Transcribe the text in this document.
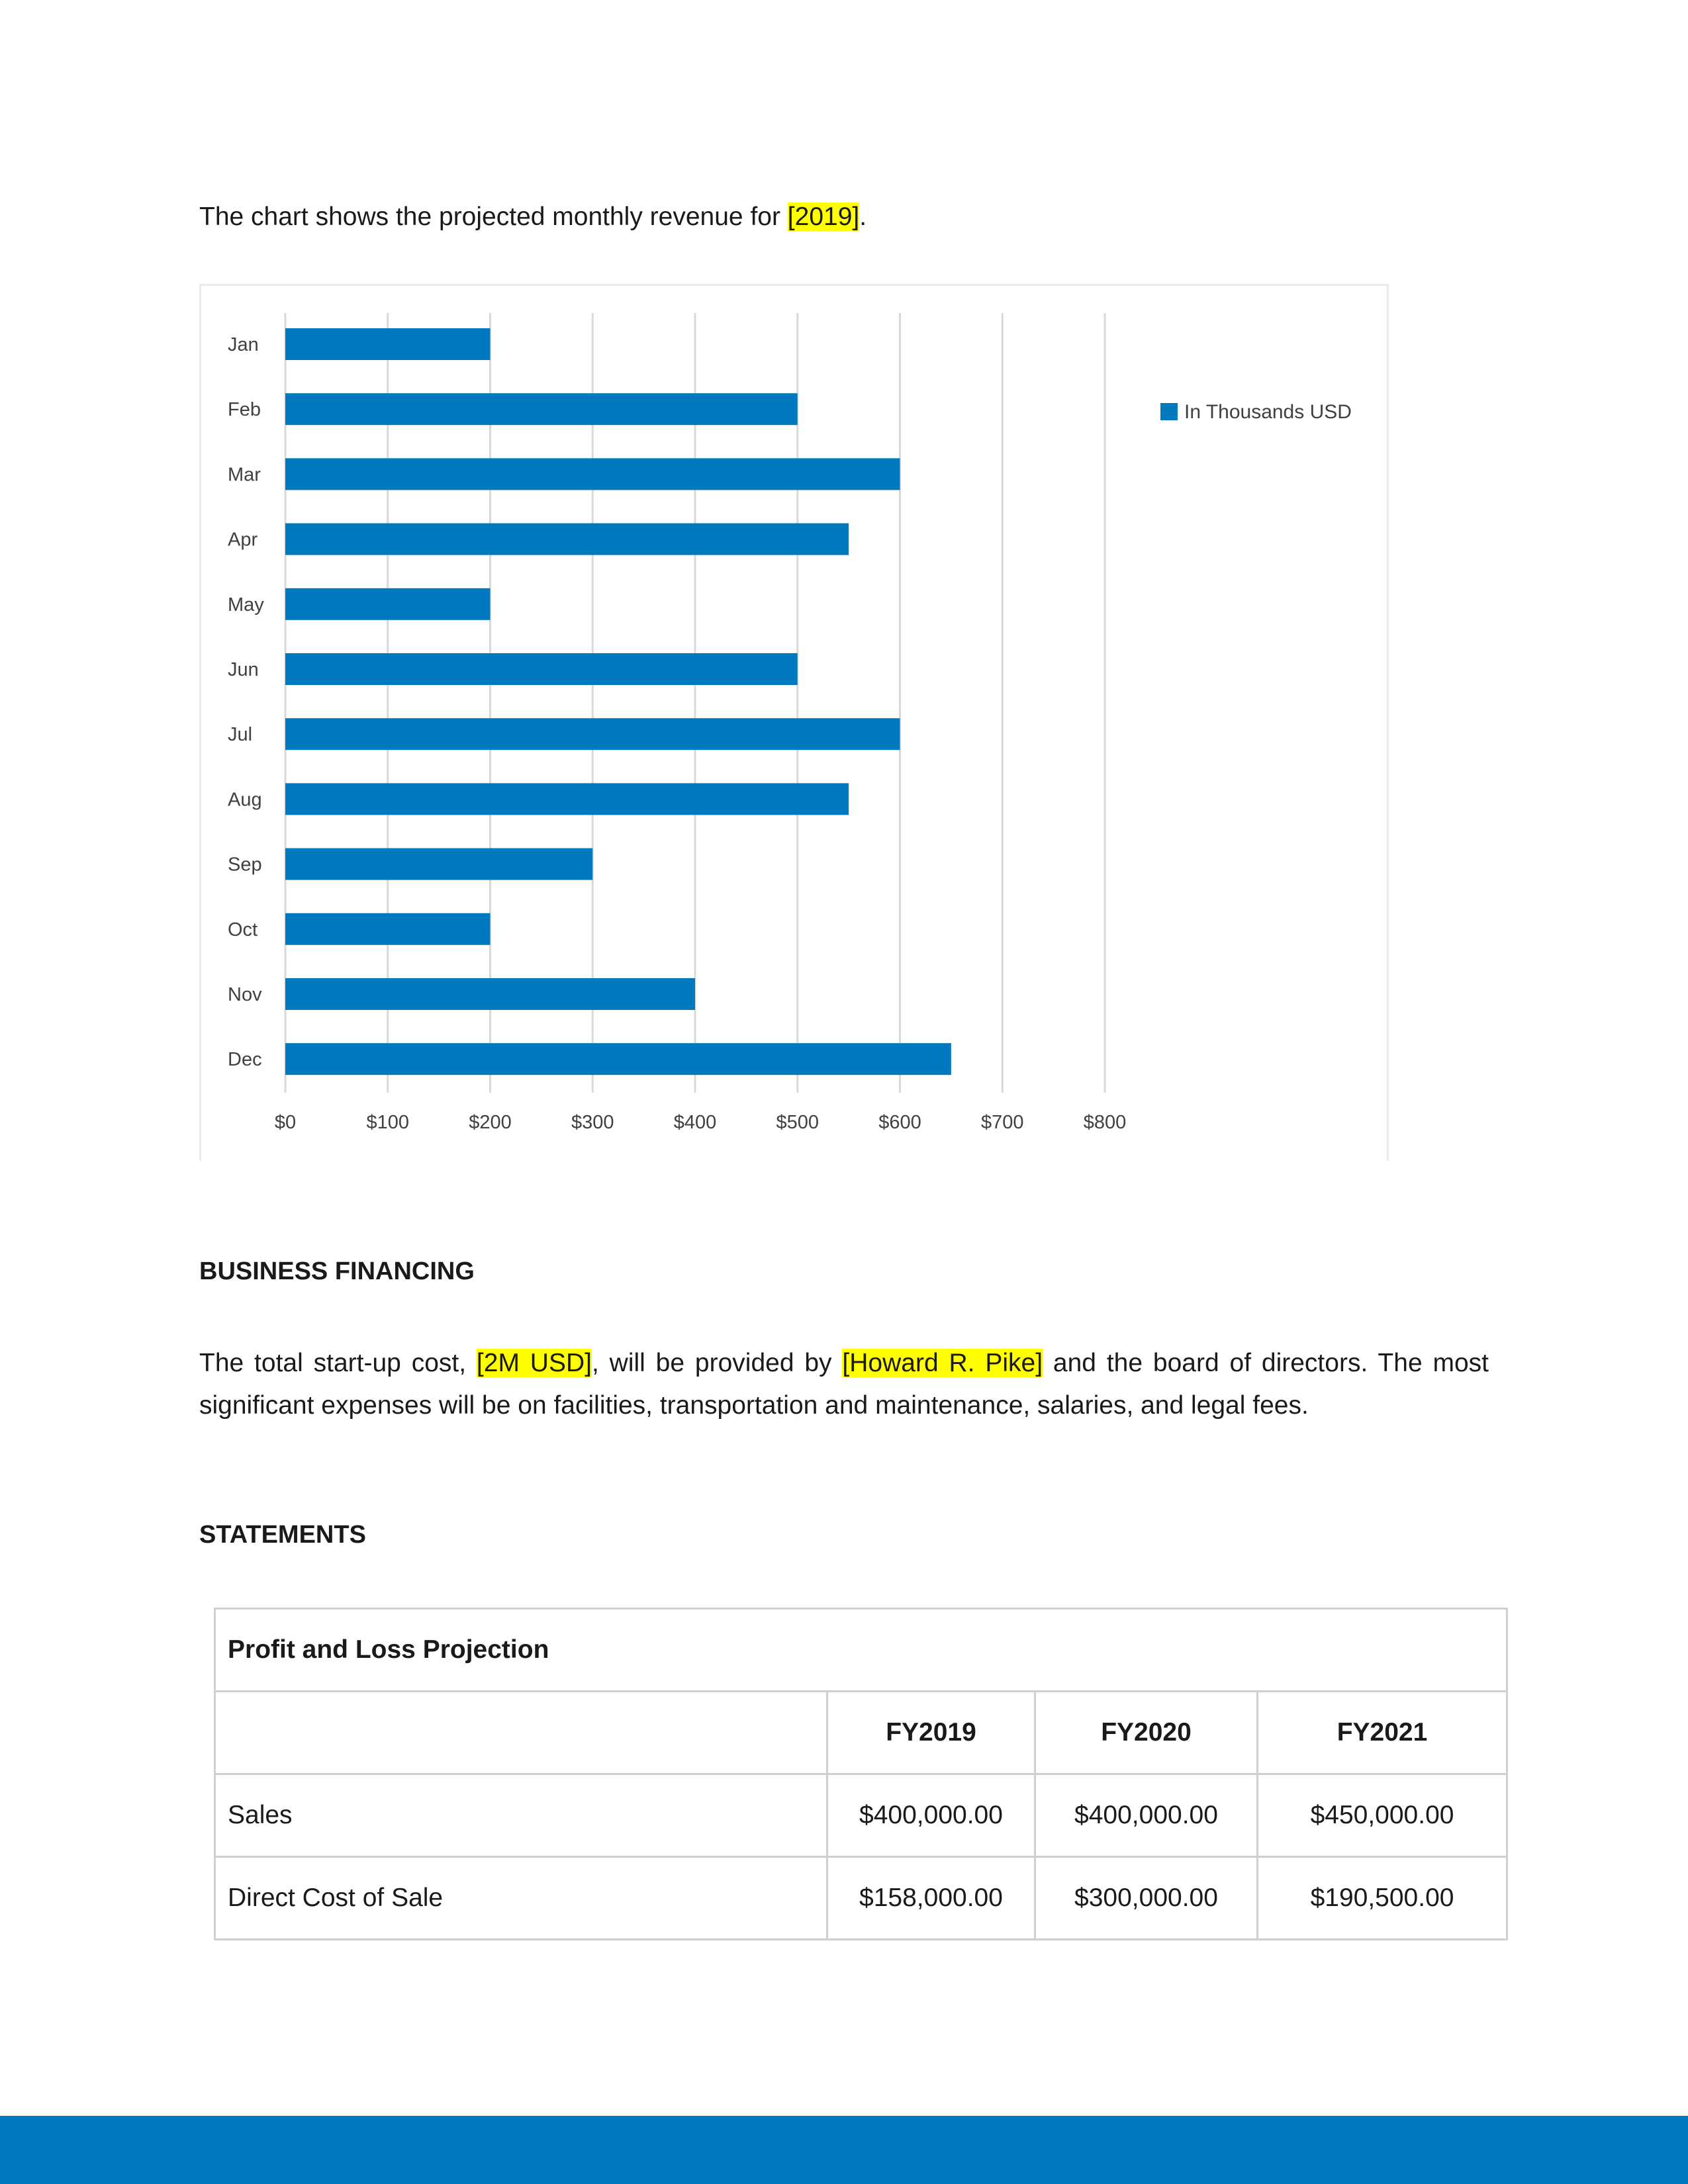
The chart shows the projected monthly revenue for [2019].
Jan
Feb
Mar
Apr
May
Jun
Jul
Aug
Sep
Oct
Nov
Dec
$0	$100	$200	$300	$400	$500	$600	$700	$800
In Thousands USD
BUSINESS FINANCING
The total start-up cost, [2M USD], will be provided by [Howard R. Pike] and the board of directors. The most significant expenses will be on facilities, transportation and maintenance, salaries, and legal fees.
STATEMENTS
Profit and Loss Projection			
	FY2019	FY2020	FY2021
Sales	$400,000.00	$400,000.00	$450,000.00
Direct Cost of Sale	$158,000.00	$300,000.00	$190,500.00
